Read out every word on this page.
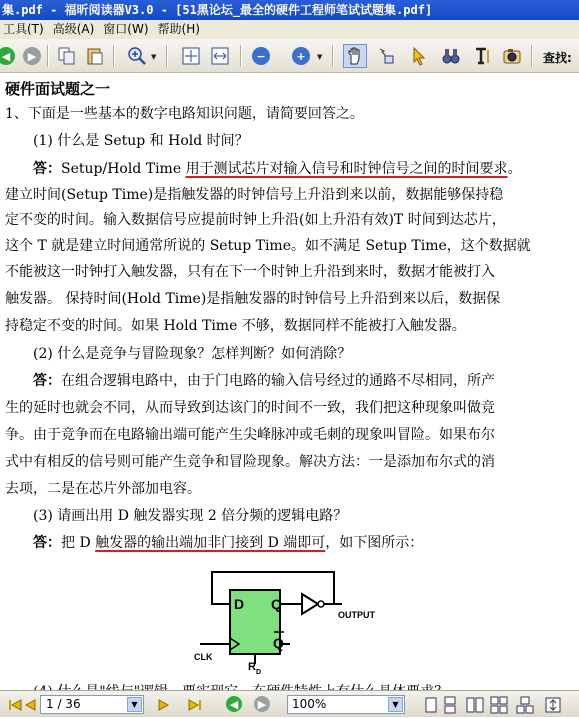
集.pdf - 福昕阅读器V3.0 - [51黑论坛_最全的硬件工程师笔试试题集.pdf]
工具(T) 高级(A) 窗口(W) 帮助(H)
◀	▶	▼	−	+	▼	查找:
硬件面试题之一
1、下面是一些基本的数字电路知识问题，请简要回答之。
(1) 什么是 Setup 和 Hold 时间？
答：Setup/Hold Time 用于测试芯片对输入信号和时钟信号之间的时间要求。
建立时间(Setup Time)是指触发器的时钟信号上升沿到来以前，数据能够保持稳
定不变的时间。输入数据信号应提前时钟上升沿(如上升沿有效)T 时间到达芯片，
这个 T 就是建立时间通常所说的 Setup Time。如不满足 Setup Time，这个数据就
不能被这一时钟打入触发器，只有在下一个时钟上升沿到来时，数据才能被打入
触发器。 保持时间(Hold Time)是指触发器的时钟信号上升沿到来以后，数据保
持稳定不变的时间。如果 Hold Time 不够，数据同样不能被打入触发器。
(2) 什么是竞争与冒险现象？怎样判断？如何消除？
答：在组合逻辑电路中，由于门电路的输入信号经过的通路不尽相同，所产
生的延时也就会不同，从而导致到达该门的时间不一致，我们把这种现象叫做竞
争。由于竞争而在电路输出端可能产生尖峰脉冲或毛刺的现象叫冒险。如果布尔
式中有相反的信号则可能产生竞争和冒险现象。解决方法：一是添加布尔式的消
去项，二是在芯片外部加电容。
(3) 请画出用 D 触发器实现 2 倍分频的逻辑电路？
答：把 D 触发器的输出端加非门接到 D 端即可，如下图所示：
D Q
Q
OUTPUT
CLK
R D
1 / 36	▼	◀	▶	100%	▼
